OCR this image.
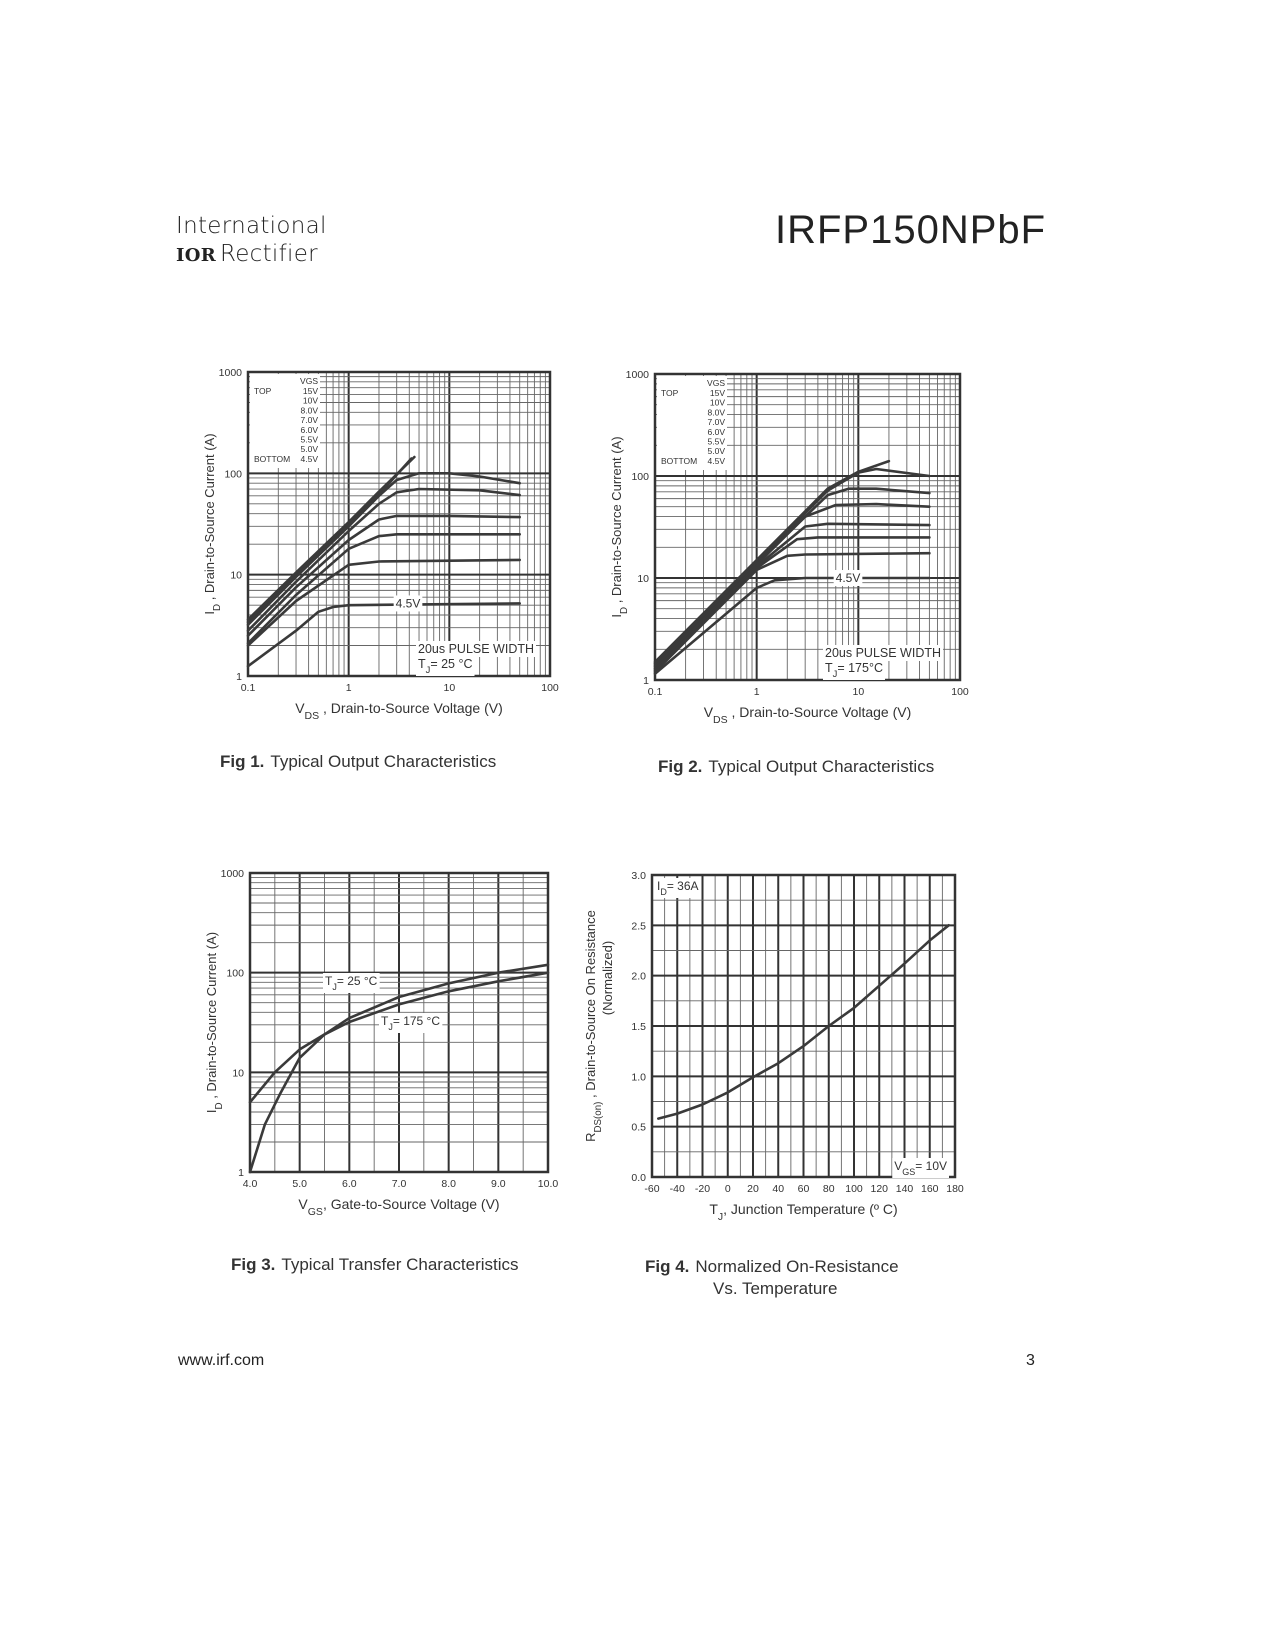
International
IOR Rectifier
IRFP150NPbF
Fig 1. Typical Output Characteristics	Fig 2. Typical Output Characteristics
Fig 3. Typical Transfer Characteristics	Fig 4. Normalized On-Resistance
Vs. Temperature
www.irf.com	3
0.1	1	10	100
1
10
100
1000
$V_{DS}$ , Drain-to-Source Voltage (V)
$I_D$ , Drain-to-Source Current (A)
VGS
TOP	15V
10V
8.0V
7.0V
6.0V
5.5V
5.0V
4.5V
BOTTOM
4.5V
20us PULSE WIDTH
$T_J= 25$ °C
0.1	1	10	100
1
10
100
1000
$V_{DS}$ , Drain-to-Source Voltage (V)
$I_D$ , Drain-to-Source Current (A)
VGS
TOP	15V
10V
8.0V
7.0V
6.0V
5.5V
5.0V
4.5V
BOTTOM
4.5V
20us PULSE WIDTH
$T_J= 175^\circ C$
4.0	5.0	6.0	7.0	8.0	9.0	10.0
1
10
100
1000
$V_{GS}$, Gate-to-Source Voltage (V)
$I_D$ , Drain-to-Source Current (A)	$T_J= 25$ °C
$T_J= 175$ °C
-60 -40 -20 0 20 40 60 80 100 120 140 160 180
0.0
0.5
1.0
1.5
2.0
2.5
3.0
$T_J$, Junction Temperature (º C)
$R_{DS(on)}$ , Drain-to-Source On Resistance (Normalized)
$I_D= 36A$
$V_{GS}= 10V$
